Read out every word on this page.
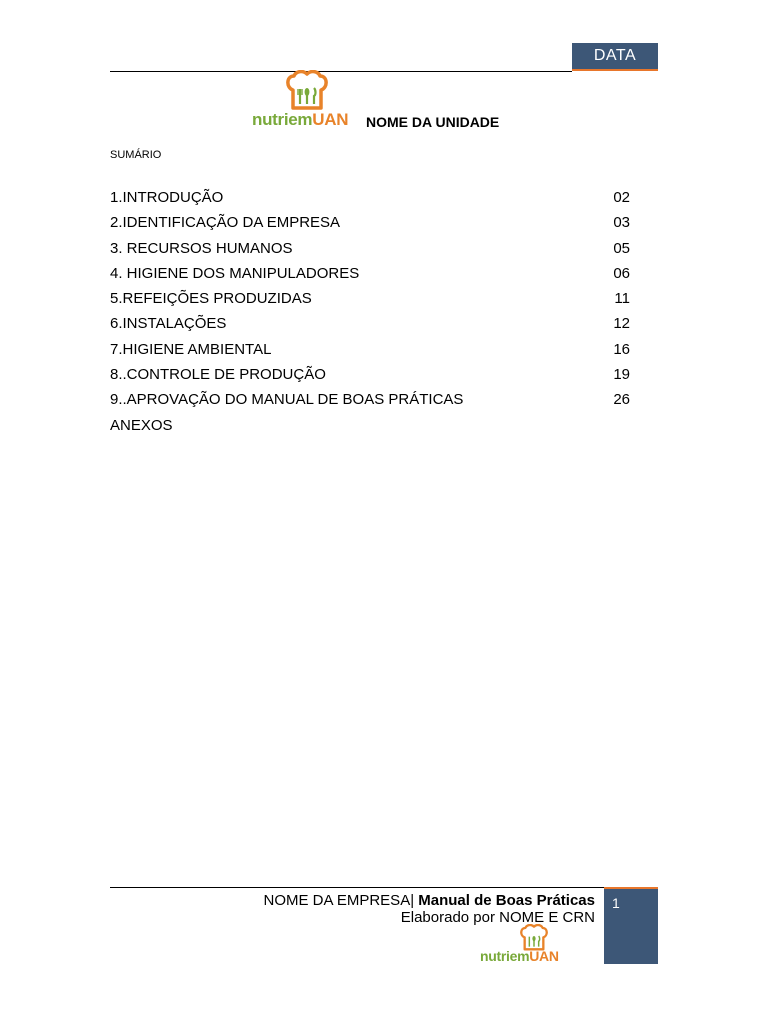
DATA
nutriemUAN NOME DA UNIDADE
SUMÁRIO
1.INTRODUÇÃO	02
2.IDENTIFICAÇÃO DA EMPRESA	03
3. RECURSOS HUMANOS	05
4. HIGIENE DOS MANIPULADORES	06
5.REFEIÇÕES PRODUZIDAS	11
6.INSTALAÇÕES	12
7.HIGIENE AMBIENTAL	16
8..CONTROLE DE PRODUÇÃO	19
9..APROVAÇÃO DO MANUAL DE BOAS PRÁTICAS	26
ANEXOS
NOME DA EMPRESA| Manual de Boas Práticas
Elaborado por NOME E CRN
1
nutriemUAN
